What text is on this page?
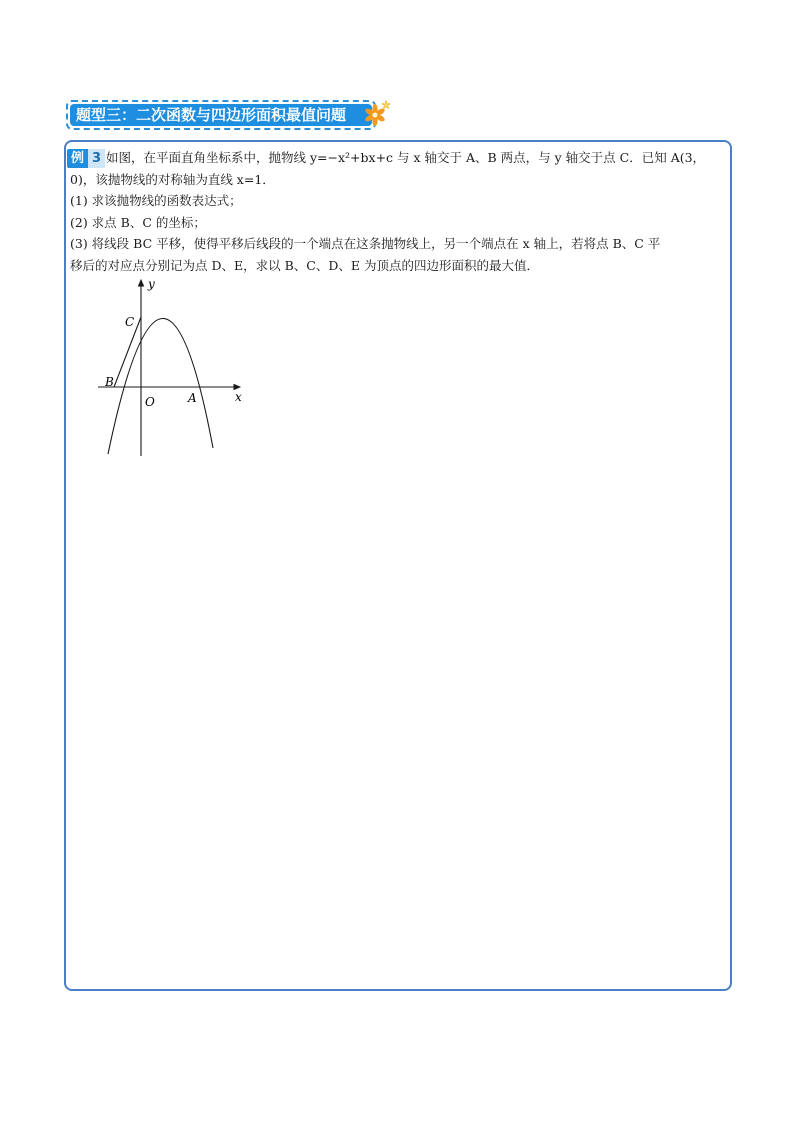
题型三：二次函数与四边形面积最值问题
例 3 如图，在平面直角坐标系中，抛物线 y=−x²+bx+c 与 x 轴交于 A、B 两点，与 y 轴交于点 C．已知 A(3，

0)，该抛物线的对称轴为直线 x=1．

(1) 求该抛物线的函数表达式；

(2) 求点 B、C 的坐标；

(3) 将线段 BC 平移，使得平移后线段的一个端点在这条抛物线上，另一个端点在 x 轴上，若将点 B、C 平

移后的对应点分别记为点 D、E，求以 B、C、D、E 为顶点的四边形面积的最大值．

y
x
C
B
O	A
